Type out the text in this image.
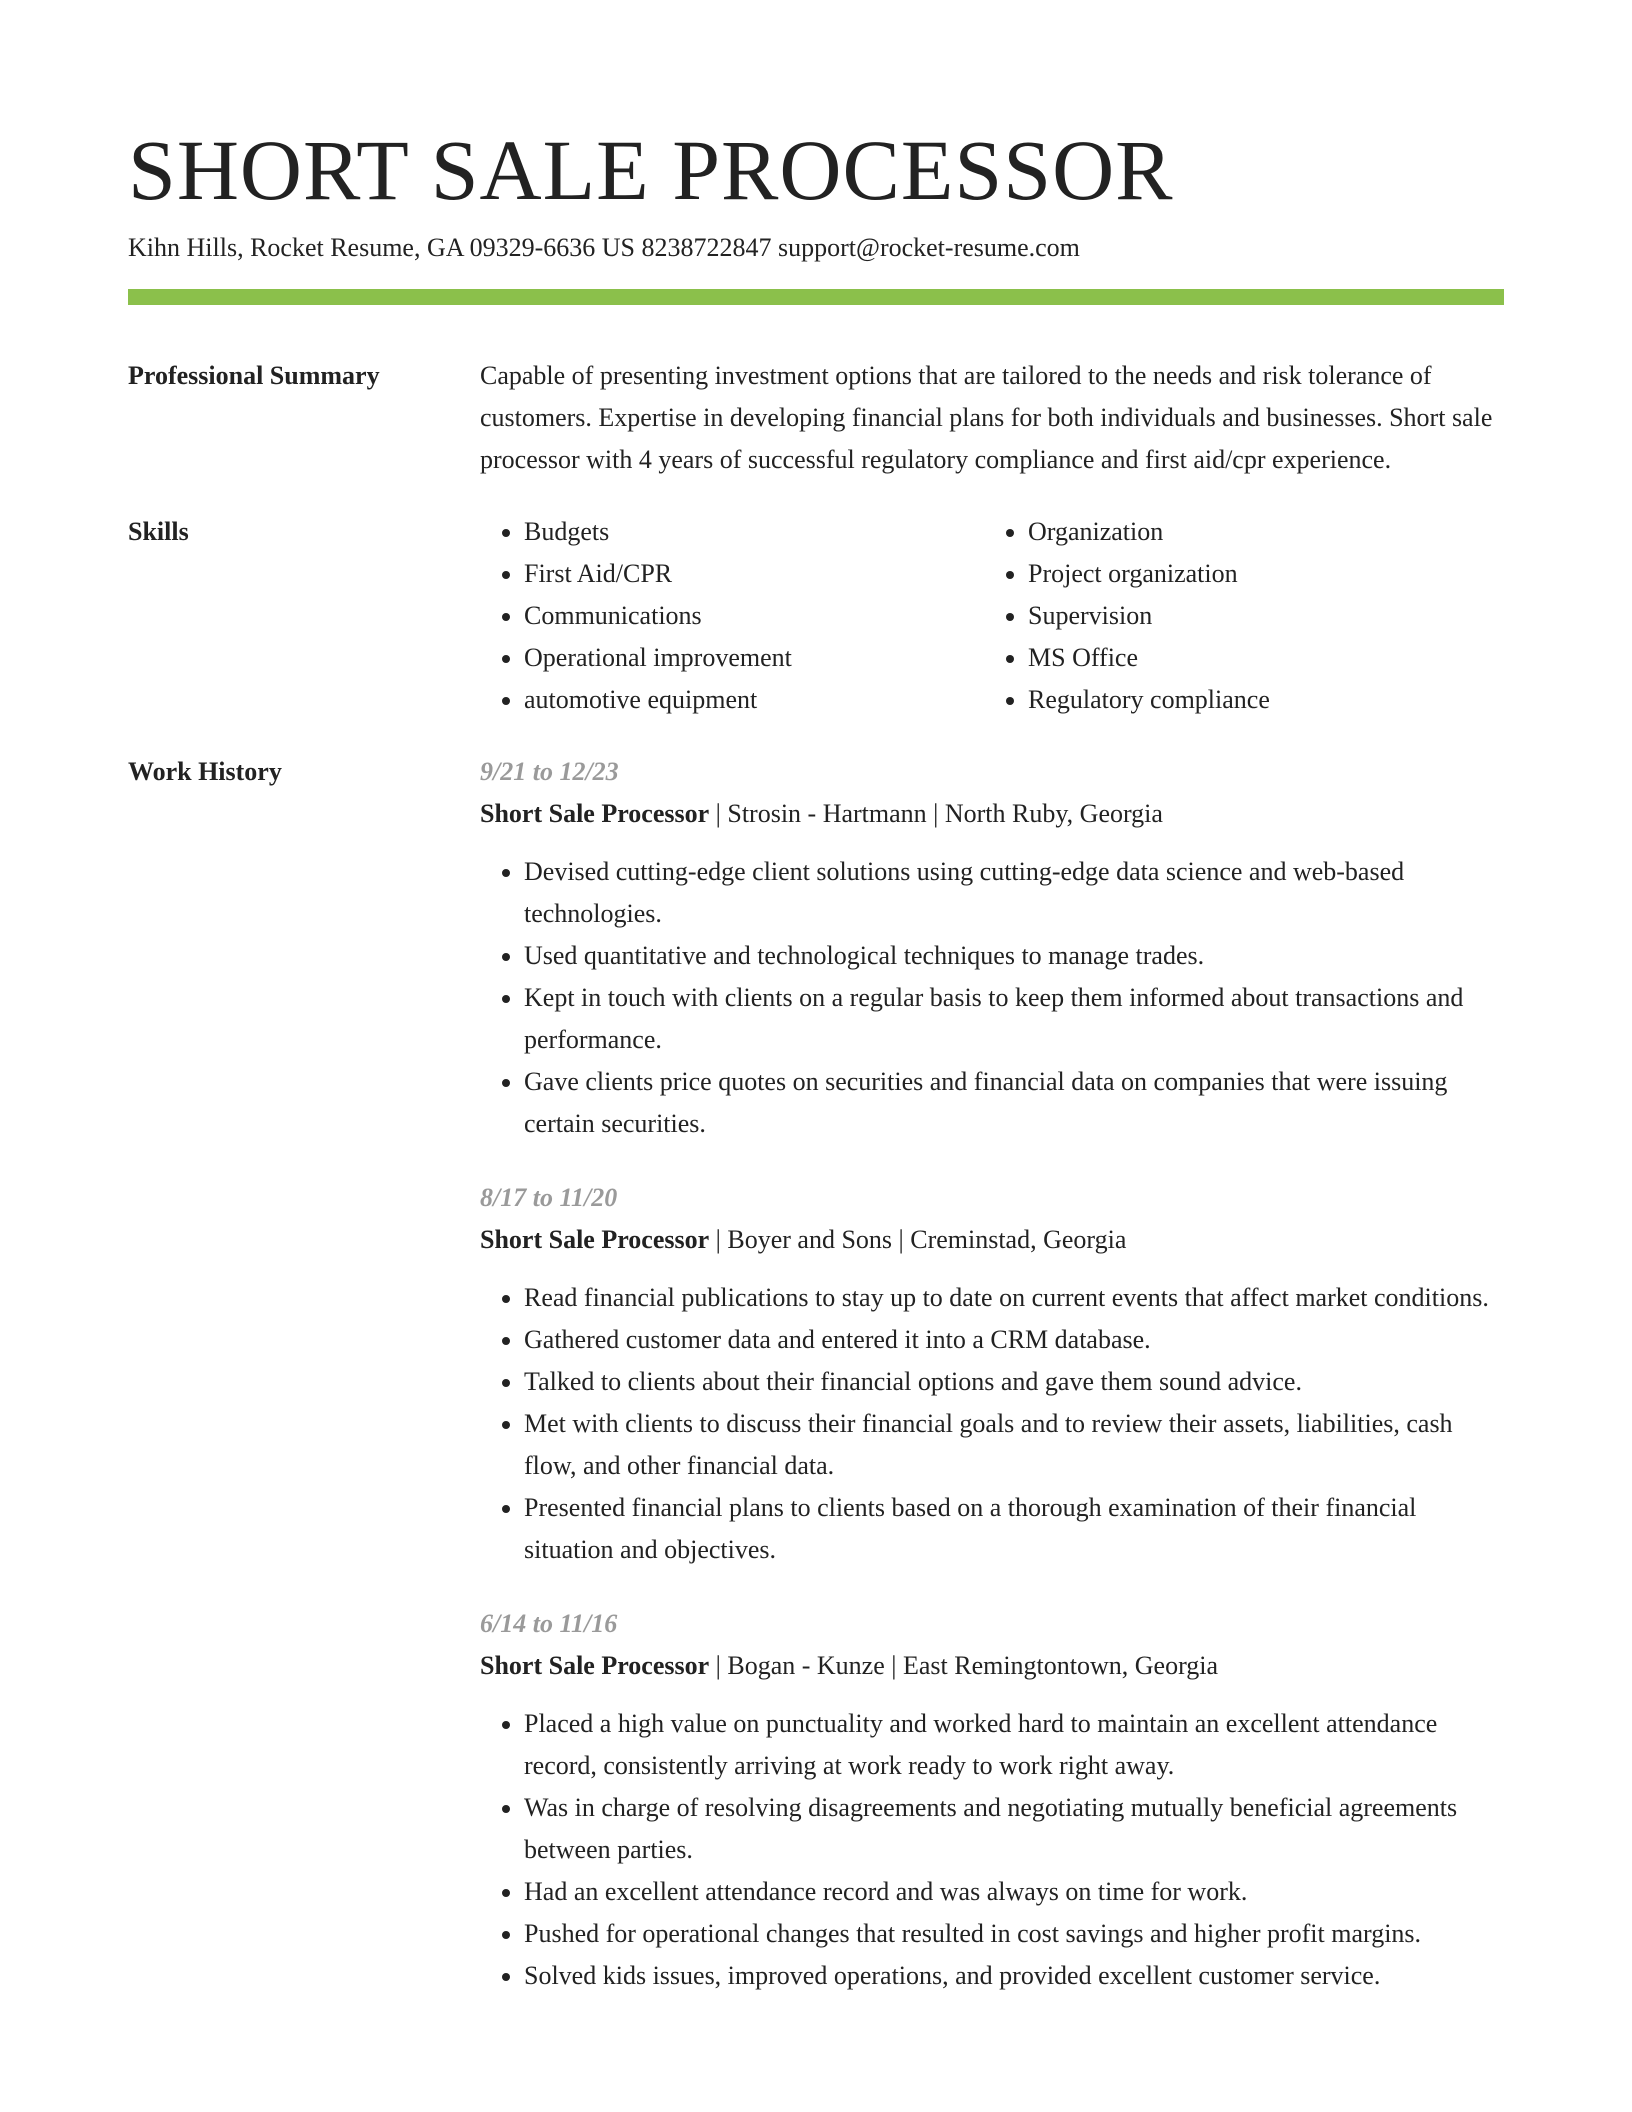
SHORT SALE PROCESSOR
Kihn Hills, Rocket Resume, GA 09329-6636 US 8238722847 support@rocket-resume.com
Professional Summary	Capable of presenting investment options that are tailored to the needs and risk tolerance of customers. Expertise in developing financial plans for both individuals and businesses. Short sale processor with 4 years of successful regulatory compliance and first aid/cpr experience.
Skills
•	Budgets
• First Aid/CPR
• Communications
• Operational improvement
• automotive equipment
• Organization
• Project organization
• Supervision
• MS Office
• Regulatory compliance
Work History	9/21 to 12/23
Short Sale Processor | Strosin - Hartmann | North Ruby, Georgia
• Devised cutting-edge client solutions using cutting-edge data science and web-based technologies.
• Used quantitative and technological techniques to manage trades.
• Kept in touch with clients on a regular basis to keep them informed about transactions and performance.
• Gave clients price quotes on securities and financial data on companies that were issuing certain securities.
8/17 to 11/20
Short Sale Processor | Boyer and Sons | Creminstad, Georgia
• Read financial publications to stay up to date on current events that affect market conditions.
• Gathered customer data and entered it into a CRM database.
• Talked to clients about their financial options and gave them sound advice.
• Met with clients to discuss their financial goals and to review their assets, liabilities, cash flow, and other financial data.
• Presented financial plans to clients based on a thorough examination of their financial situation and objectives.
6/14 to 11/16
Short Sale Processor | Bogan - Kunze | East Remingtontown, Georgia
• Placed a high value on punctuality and worked hard to maintain an excellent attendance record, consistently arriving at work ready to work right away.
• Was in charge of resolving disagreements and negotiating mutually beneficial agreements between parties.
• Had an excellent attendance record and was always on time for work.
• Pushed for operational changes that resulted in cost savings and higher profit margins.
• Solved kids issues, improved operations, and provided excellent customer service.
